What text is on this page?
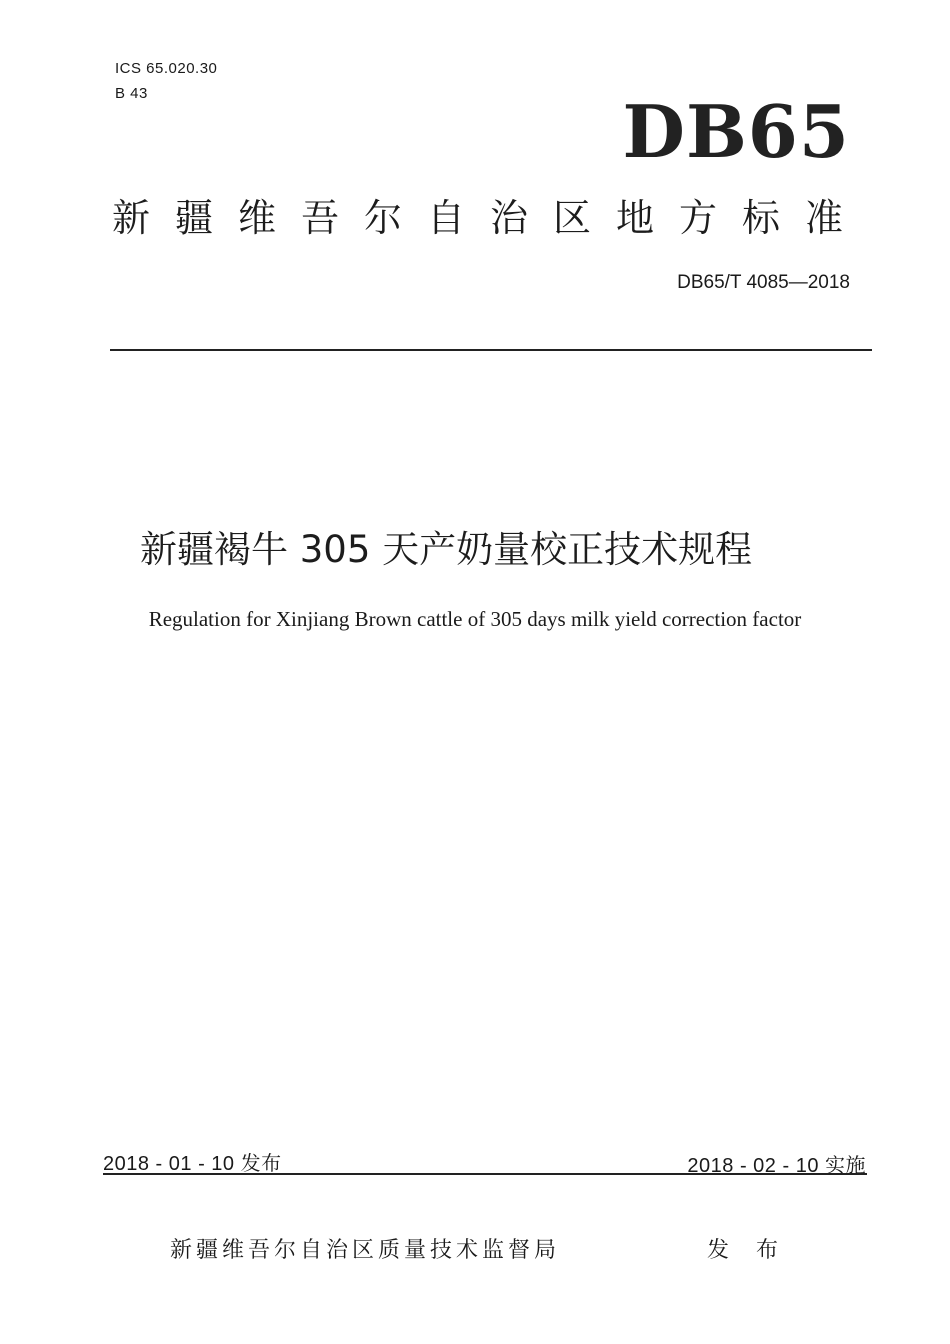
ICS 65.020.30
B 43	DB65
新疆维吾尔自治区地方标准
DB65/T 4085—2018
新疆褐牛 305 天产奶量校正技术规程
Regulation for Xinjiang Brown cattle of 305 days milk yield correction factor
2018 - 01 - 10 发布	2018 - 02 - 10 实施
新疆维吾尔自治区质量技术监督局	发 布
